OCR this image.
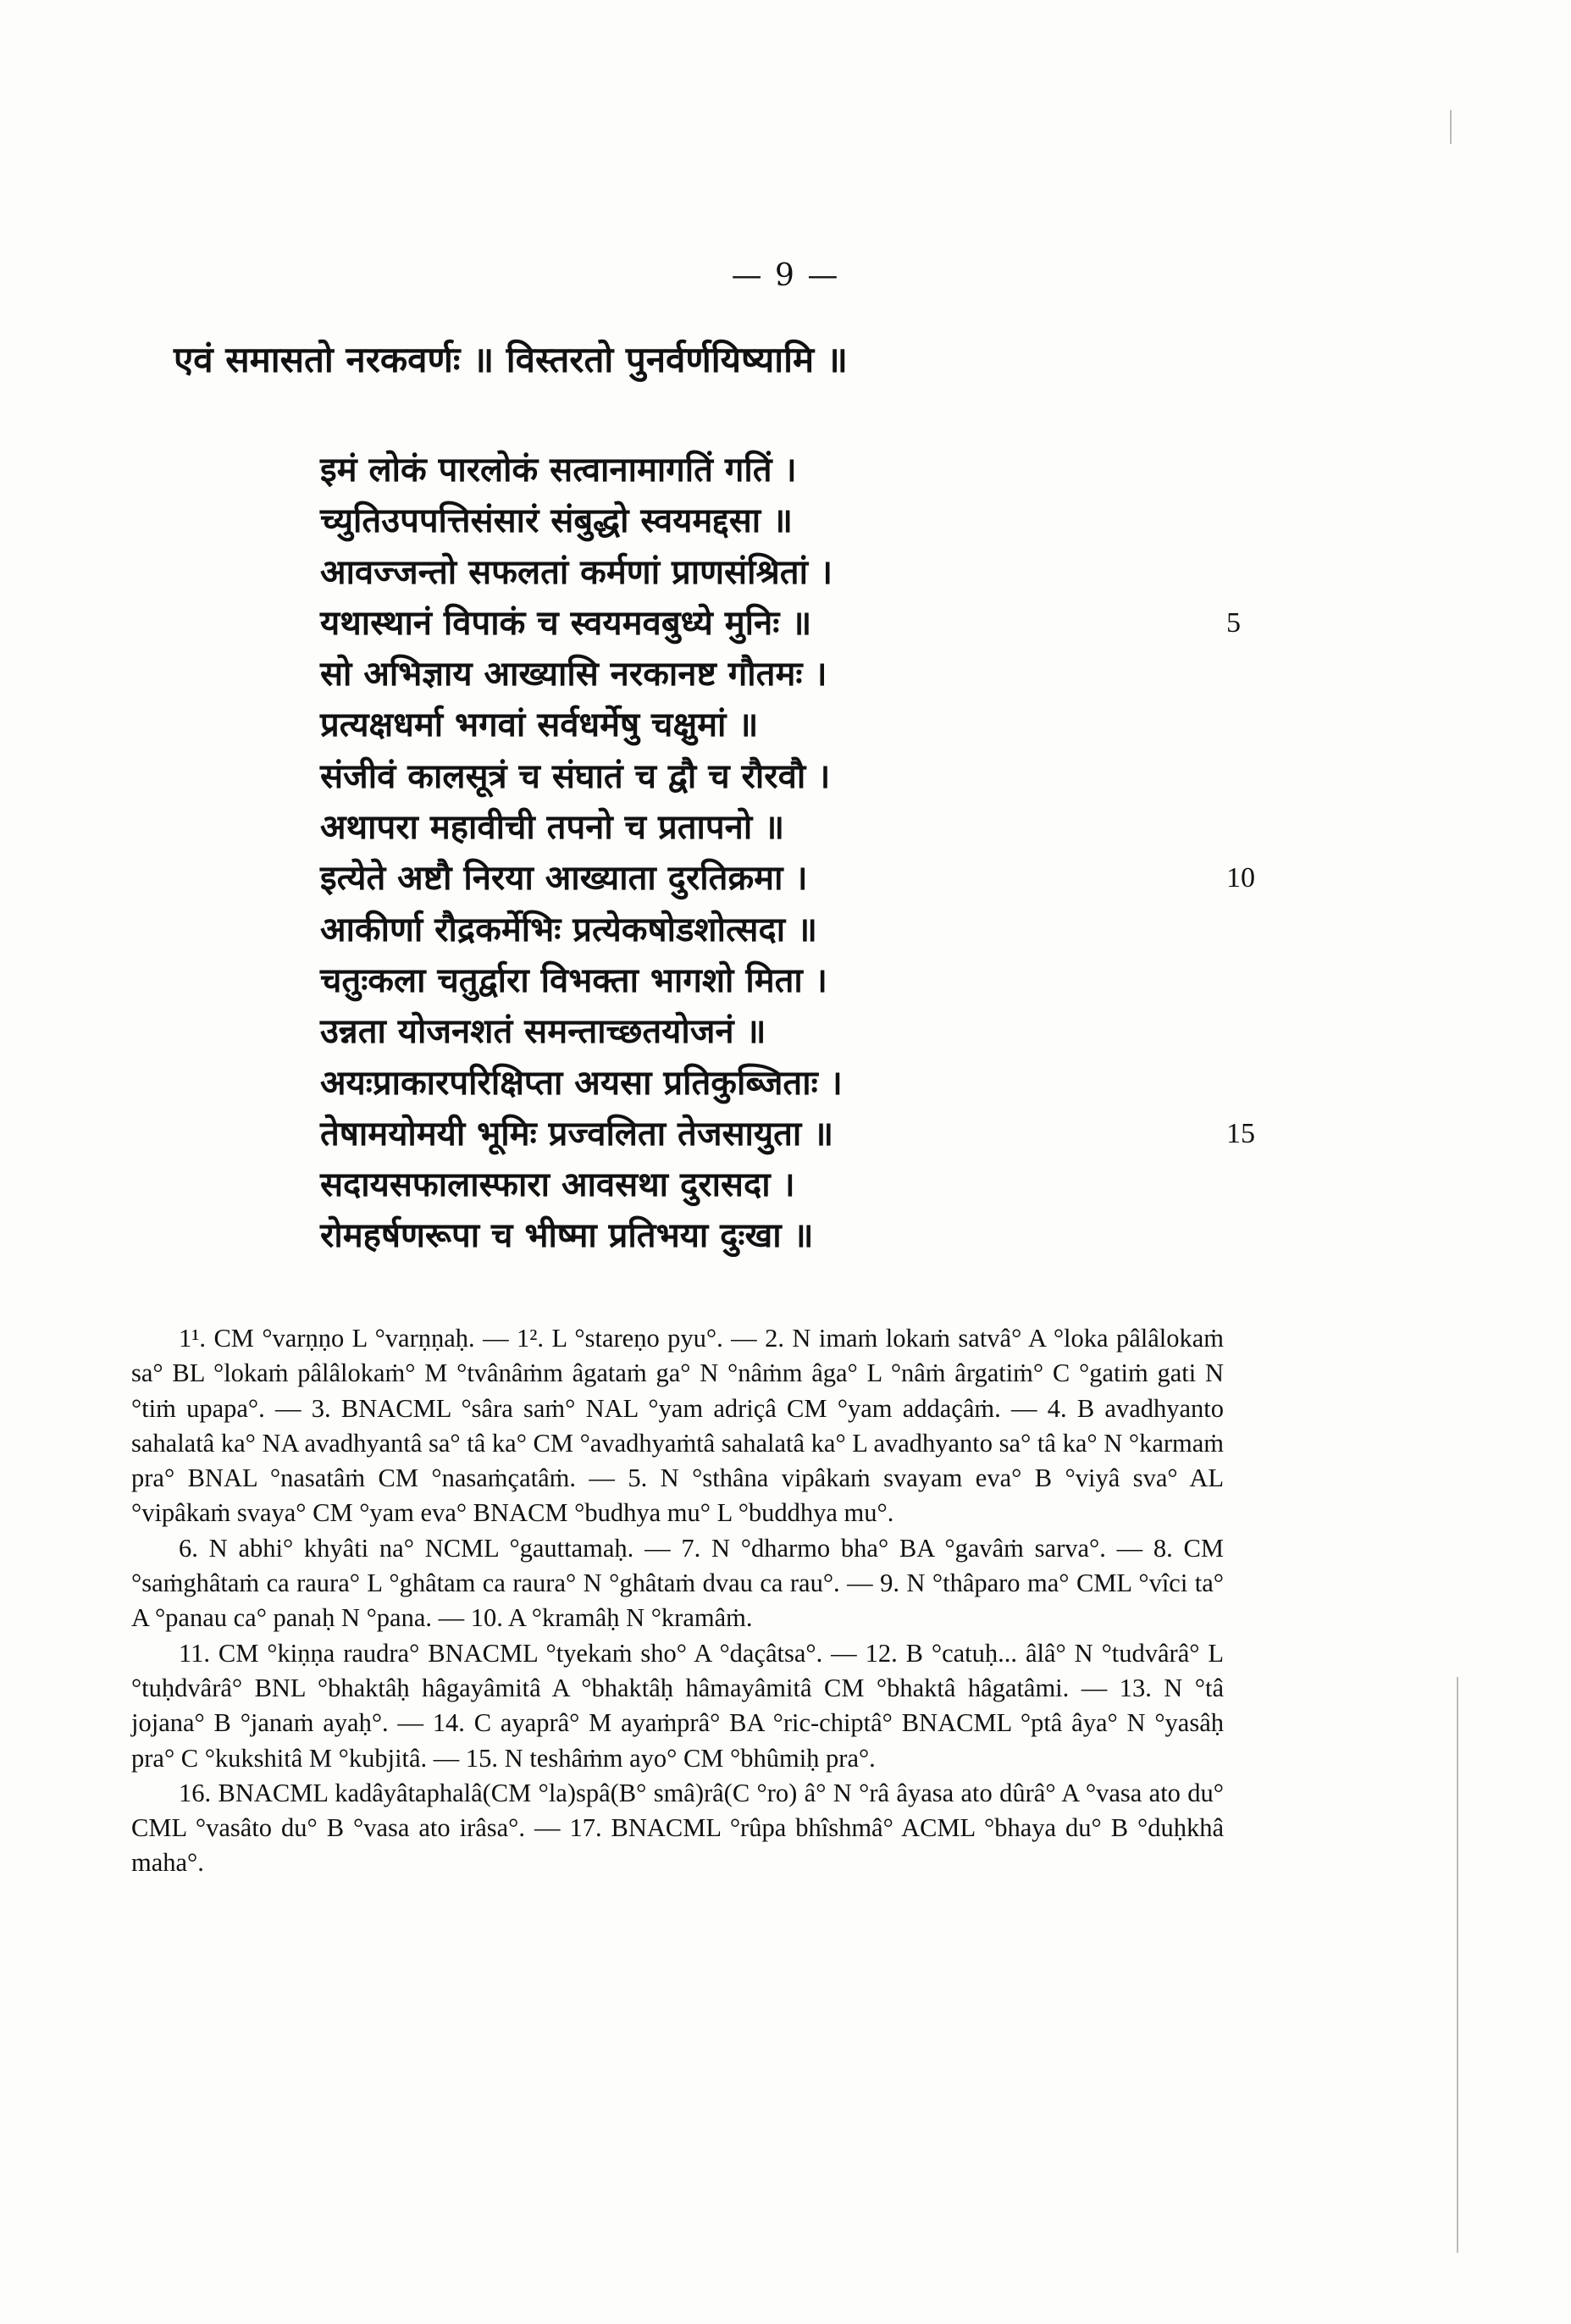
— 9 —
एवं समासतो नरकवर्णः ॥ विस्तरतो पुनर्वर्णयिष्यामि ॥
इमं लोकं पारलोकं सत्वानामागतिं गतिं ।
च्युतिउपपत्तिसंसारं संबुद्धो स्वयमद्दसा ॥
आवज्जन्तो सफलतां कर्मणां प्राणसंश्रितां ।
यथास्थानं विपाकं च स्वयमवबुध्ये मुनिः ॥	5
सो अभिज्ञाय आख्यासि नरकानष्ट गौतमः ।
प्रत्यक्षधर्मा भगवां सर्वधर्मेषु चक्षुमां ॥
संजीवं कालसूत्रं च संघातं च द्वौ च रौरवौ ।
अथापरा महावीची तपनो च प्रतापनो ॥
इत्येते अष्टौ निरया आख्याता दुरतिक्रमा ।	10
आकीर्णा रौद्रकर्मेभिः प्रत्येकषोडशोत्सदा ॥
चतुःकला चतुर्द्वारा विभक्ता भागशो मिता ।
उन्नता योजनशतं समन्ताच्छतयोजनं ॥
अयःप्राकारपरिक्षिप्ता अयसा प्रतिकुब्जिताः ।
तेषामयोमयी भूमिः प्रज्वलिता तेजसायुता ॥	15
सदायसफालास्फारा आवसथा दुरासदा ।
रोमहर्षणरूपा च भीष्मा प्रतिभया दुःखा ॥

1¹. CM °varṇṇo L °varṇṇaḥ. — 1². L °stareṇo pyu°. — 2. N imaṁ lokaṁ satvâ° A °loka pâlâlokaṁ sa° BL °lokaṁ pâlâlokaṁ° M °tvânâṁm âgataṁ ga° N °nâṁm âga° L °nâṁ ârgatiṁ° C °gatiṁ gati N °tiṁ upapa°. — 3. BNACML °sâra saṁ° NAL °yam adriçâ CM °yam addaçâṁ. — 4. B avadhyanto sahalatâ ka° NA avadhyantâ sa° tâ ka° CM °avadhyaṁtâ sahalatâ ka° L avadhyanto sa° tâ ka° N °karmaṁ pra° BNAL °nasatâṁ CM °nasaṁçatâṁ. — 5. N °sthâna vipâkaṁ svayam eva° B °viyâ sva° AL °vipâkaṁ svaya° CM °yam eva° BNACM °budhya mu° L °buddhya mu°.

6. N abhi° khyâti na° NCML °gauttamaḥ. — 7. N °dharmo bha° BA °gavâṁ sarva°. — 8. CM °saṁghâtaṁ ca raura° L °ghâtam ca raura° N °ghâtaṁ dvau ca rau°. — 9. N °thâparo ma° CML °vîci ta° A °panau ca° panaḥ N °pana. — 10. A °kramâḥ N °kramâṁ.

11. CM °kiṇṇa raudra° BNACML °tyekaṁ sho° A °daçâtsa°. — 12. B °catuḥ... âlâ° N °tudvârâ° L °tuḥdvârâ° BNL °bhaktâḥ hâgayâmitâ A °bhaktâḥ hâmayâmitâ CM °bhaktâ hâgatâmi. — 13. N °tâ jojana° B °janaṁ ayaḥ°. — 14. C ayaprâ° M ayaṁprâ° BA °ric-chiptâ° BNACML °ptâ âya° N °yasâḥ pra° C °kukshitâ M °kubjitâ. — 15. N teshâṁm ayo° CM °bhûmiḥ pra°.

16. BNACML kadâyâtaphalâ(CM °la)spâ(B° smâ)râ(C °ro) â° N °râ âyasa ato dûrâ° A °vasa ato du° CML °vasâto du° B °vasa ato irâsa°. — 17. BNACML °rûpa bhîshmâ° ACML °bhaya du° B °duḥkhâ maha°.
